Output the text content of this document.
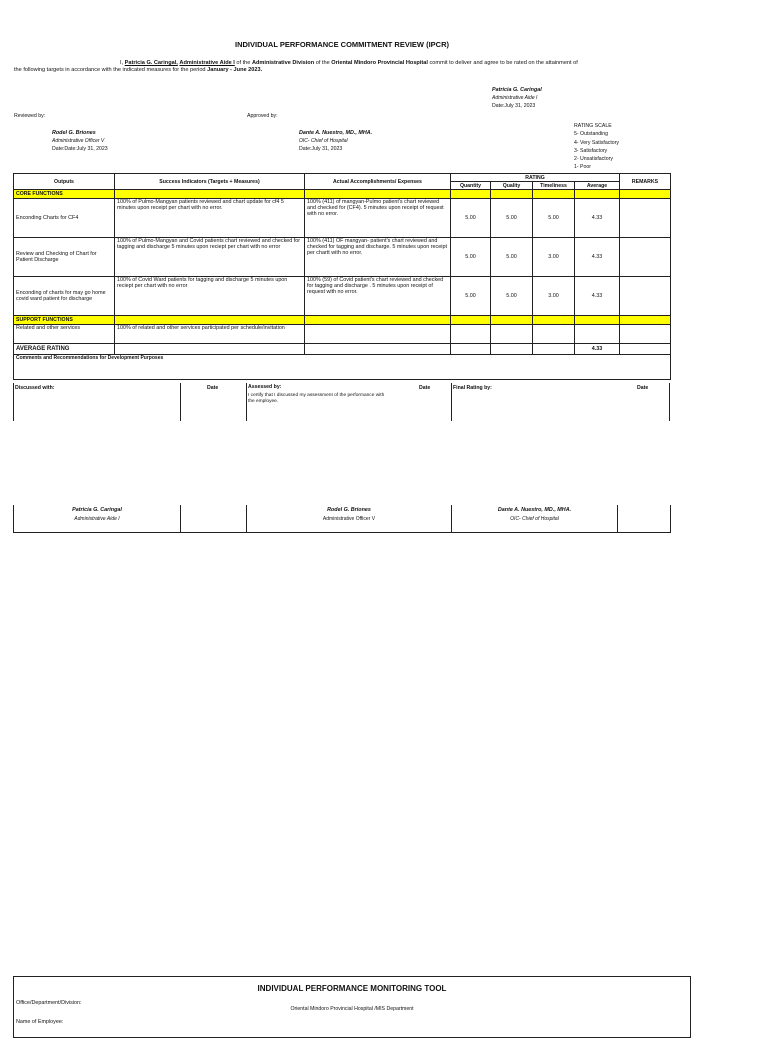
INDIVIDUAL PERFORMANCE COMMITMENT REVIEW (IPCR)
I, Patricia G. Caringal, Administrative Aide I of the Administrative Division of the Oriental Mindoro Provincial Hospital commit to deliver and agree to be rated on the attainment of
the following targets in accordance with the indicated measures for the period January - June 2023.
Patricia G. Caringal
Administrative Aide I
Date:July 31, 2023
Reviewed by:
Rodel G. Briones
Administrative Officer V
Date:Date:July 31, 2023
Approved by:
Dante A. Nuestro, MD., MHA.
OIC- Chief of Hospital
Date:July 31, 2023
RATING SCALE
5- Outstanding
4- Very Satisfactory
3- Satisfactory
2- Unsatisfactory
1- Poor
Outputs	Success Indicators (Targets + Measures)	Actual Accomplishments/ Expenses	RATING				REMARKS
			Quantity	Quality	Timeliness	Average	
CORE FUNCTIONS							
Enconding Charts for CF4	100% of Pulmo-Mangyan patients reviewed and chart update for cf4 5 minutes upon receipt per chart with no error.	100% (411) of mangyan-Pulmo patient's chart reviewed and checked for (CF4). 5 minutes upon receipt of request with no error.	5.00	5.00	5.00	4.33	
Review and Checking of Chart for Patient Discharge	100% of Pulmo-Mangyan and Covid patients chart reviewed and checked for tagging and discharge 5 minutes upon reciept per chart with no error	100% (411) OF mangyan- patient's chart reviewed and checked for tagging and discharge. 5 minutes upon receipt per chartt with no error.	5.00	5.00	3.00	4.33	
Enconding of charts for may go home covid ward patient for discharge	100% of Covid Ward patients for tagging and discharge 5 minutes upon reciept per chart with no error	100% (59) of Covid patient's chart reviewed and checked for tagging and discharge . 5 minutes upon receipt of request with no error.	5.00	5.00	3.00	4.33	
SUPPORT FUNCTIONS							
Related and other services	100% of related and other services participated per schedule/invitation						
AVERAGE RATING						4.33	
Comments and Recommendations for Development Purposes							
Discussed with:	Date	Assessed by:
I certify that I discussed my assessment of the performance with the employee.
Date	Final Rating by:	Date
Patricia G. Caringal
Administrative Aide I

Rodel G. Briones
Administrative Officer V

Dante A. Nuestro, MD., MHA.
OIC- Chief of Hospital

INDIVIDUAL PERFORMANCE MONITORING TOOL
Office/Department/Division:
Oriental Mindoro Provincial Hospital /MIS Department
Name of Employee:
